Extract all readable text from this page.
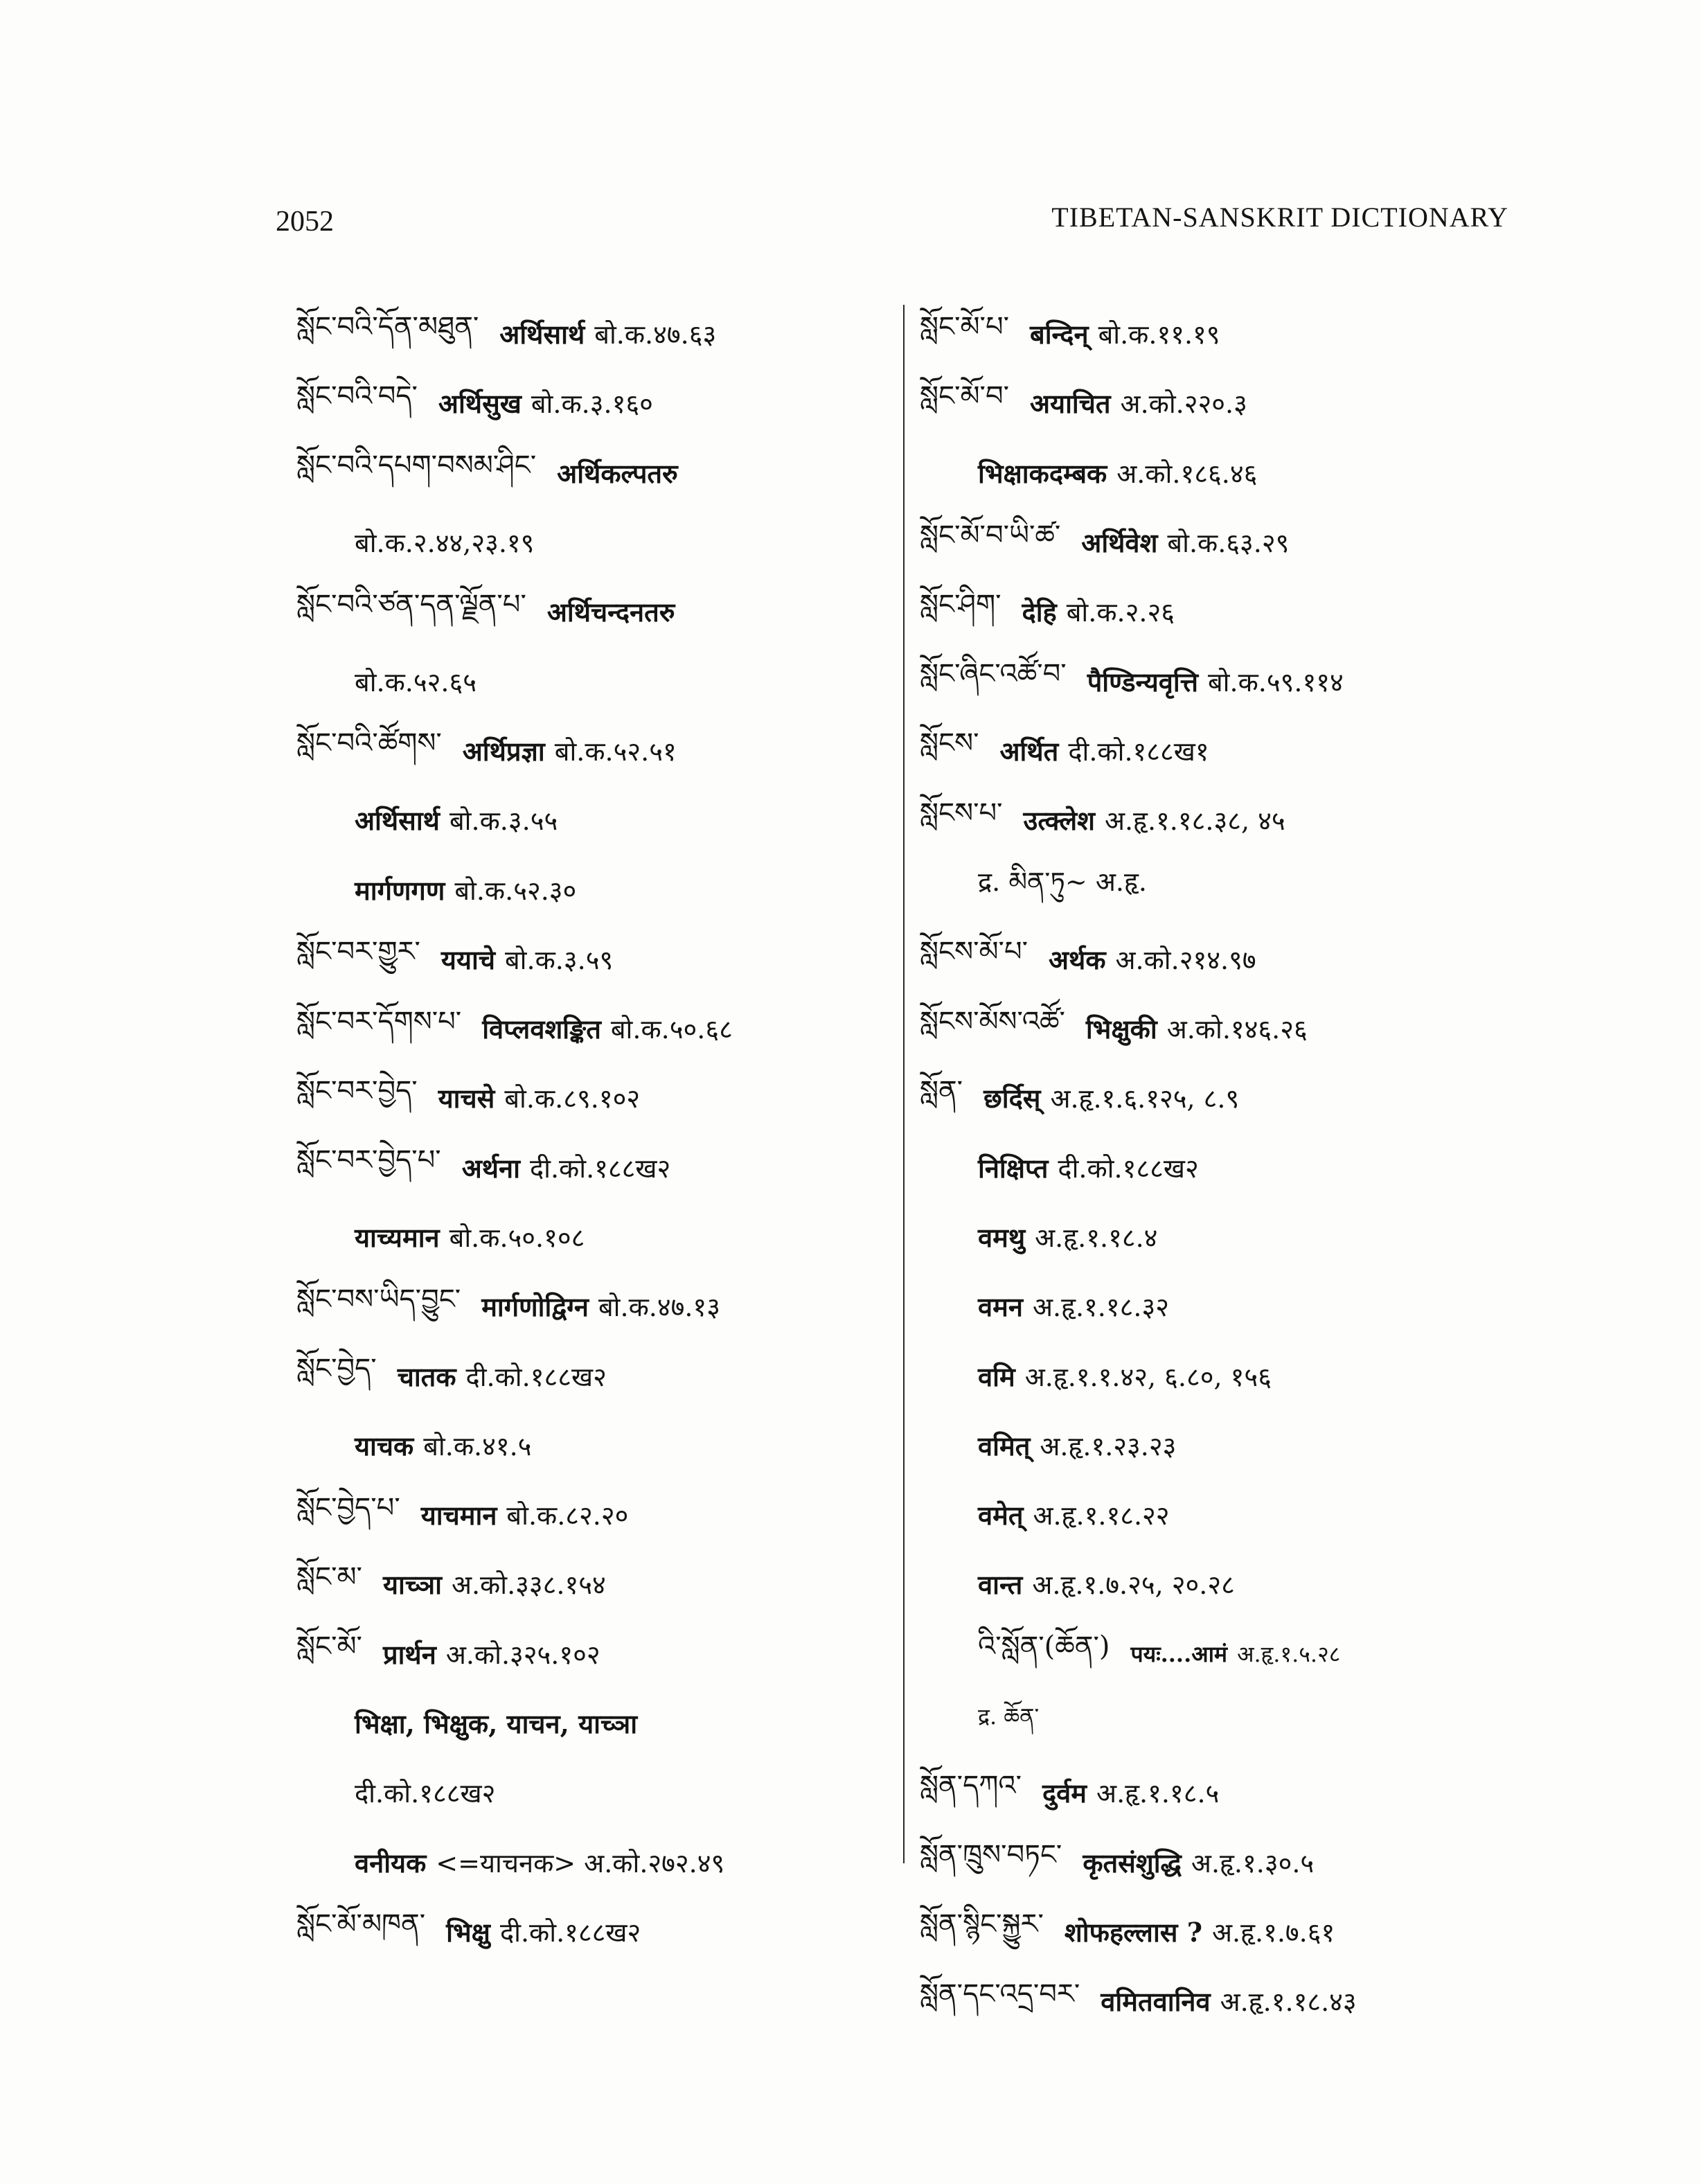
2052	TIBETAN-SANSKRIT DICTIONARY
སློང་བའི་དོན་མཐུན་ अर्थिसार्थ बो.क.४७.६३
སློང་བའི་བདེ་ अर्थिसुख बो.क.३.१६०
སློང་བའི་དཔག་བསམ་ཤིང་ अर्थिकल्पतरु
बो.क.२.४४,२३.१९
སློང་བའི་ཙན་དན་ལྗོན་པ་ अर्थिचन्दनतरु
बो.क.५२.६५
སློང་བའི་ཚོགས་ अर्थिप्रज्ञा बो.क.५२.५१
अर्थिसार्थ बो.क.३.५५
मार्गणगण बो.क.५२.३०
སློང་བར་གྱུར་ ययाचे बो.क.३.५९
སློང་བར་དོགས་པ་ विप्लवशङ्कित बो.क.५०.६८
སློང་བར་བྱེད་ याचसे बो.क.८९.१०२
སློང་བར་བྱེད་པ་ अर्थना दी.को.१८८ख२
याच्यमान बो.क.५०.१०८
སློང་བས་ཡིད་བྱུང་ मार्गणोद्विग्न बो.क.४७.१३
སློང་བྱེད་ चातक दी.को.१८८ख२
याचक बो.क.४१.५
སློང་བྱེད་པ་ याचमान बो.क.८२.२०
སློང་མ་ याच्ञा अ.को.३३८.१५४
སློང་མོ་ प्रार्थन अ.को.३२५.१०२
भिक्षा, भिक्षुक, याचन, याच्ञा
दी.को.१८८ख२
वनीयक <=याचनक> अ.को.२७२.४९
སློང་མོ་མཁན་ भिक्षु दी.को.१८८ख२
སློང་མོ་པ་ बन्दिन् बो.क.११.१९
སློང་མོ་བ་ अयाचित अ.को.२२०.३
भिक्षाकदम्बक अ.को.१८६.४६
སློང་མོ་བ་ཡི་ཚ་ अर्थिवेश बो.क.६३.२९
སློང་ཤིག་ देहि बो.क.२.२६
སློང་ཞིང་འཚོ་བ་ पैण्डिन्यवृत्ति बो.क.५९.११४
སློངས་ अर्थित दी.को.१८८ख१
སློངས་པ་ उत्क्लेश अ.हृ.१.१८.३८, ४५
द्र. མིན་ཏུ~ अ.हृ.
སློངས་མོ་པ་ अर्थक अ.को.२१४.९७
སློངས་མོས་འཚོ་ भिक्षुकी अ.को.१४६.२६
སློན་ छर्दिस् अ.हृ.१.६.१२५, ८.९
निक्षिप्त दी.को.१८८ख२
वमथु अ.हृ.१.१८.४
वमन अ.हृ.१.१८.३२
वमि अ.हृ.१.१.४२, ६.८०, १५६
वमित् अ.हृ.१.२३.२३
वमेत् अ.हृ.१.१८.२२
वान्त अ.हृ.१.७.२५, २०.२८
འི་སློན་(ཆོན་) पयः....आमं अ.हृ.१.५.२८
द्र. ཆོན་
སློན་དཀའ་ दुर्वम अ.हृ.१.१८.५
སློན་ཁྲུས་བཏང་ कृतसंशुद्धि अ.हृ.१.३०.५
སློན་སྙིང་སྐྱུར་ शोफहल्लास ? अ.हृ.१.७.६१
སློན་དང་འདྲ་བར་ वमितवानिव अ.हृ.१.१८.४३
